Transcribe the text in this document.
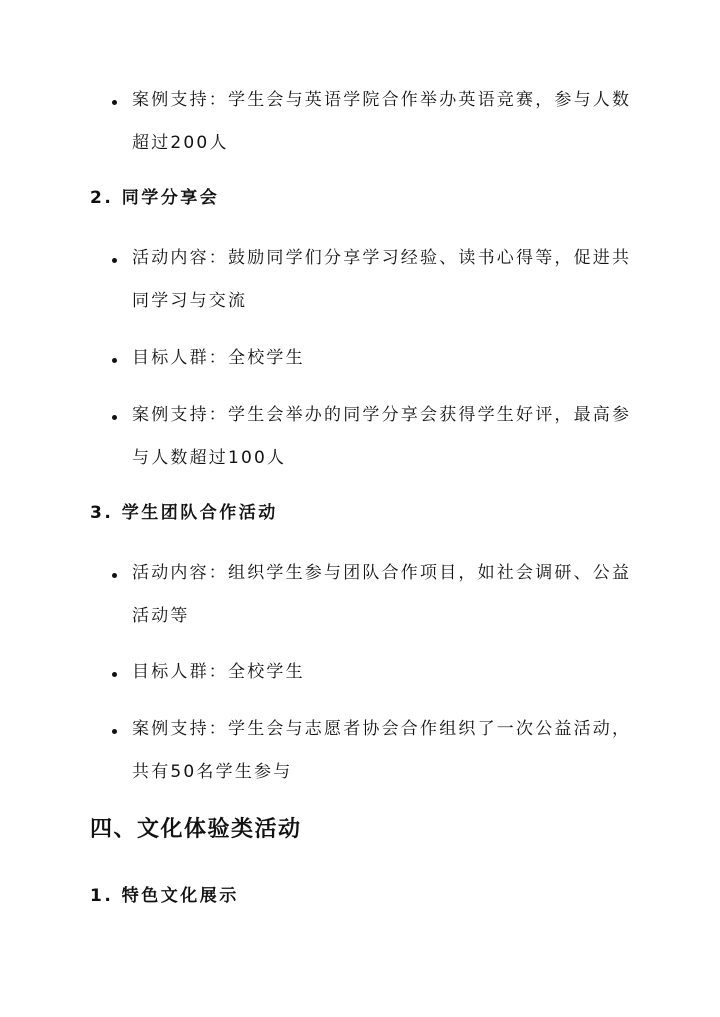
案例支持：学生会与英语学院合作举办英语竞赛，参与人数
超过200人
2. 同学分享会
活动内容：鼓励同学们分享学习经验、读书心得等，促进共
同学习与交流
目标人群：全校学生
案例支持：学生会举办的同学分享会获得学生好评，最高参
与人数超过100人
3. 学生团队合作活动
活动内容：组织学生参与团队合作项目，如社会调研、公益
活动等
目标人群：全校学生
案例支持：学生会与志愿者协会合作组织了一次公益活动，
共有50名学生参与
四、文化体验类活动
1. 特色文化展示
